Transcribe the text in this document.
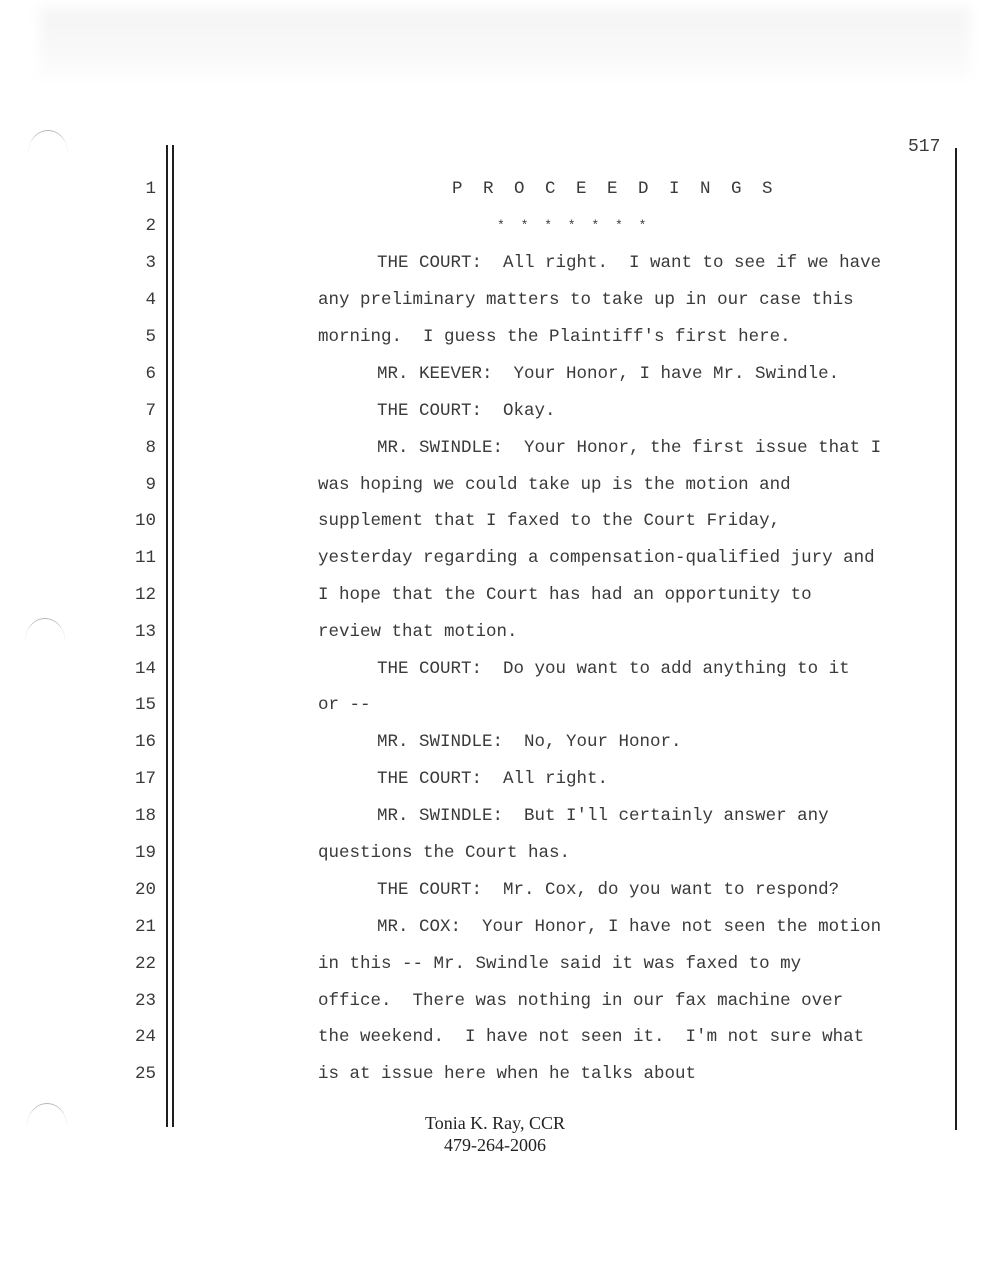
517
1
2
3
4
5
6
7
8
9
10
11
12
13
14
15
16
17
18
19
20
21
22
23
24
25
P R O C E E D I N G S
* * * * * * *
THE COURT:  All right.  I want to see if we have
any preliminary matters to take up in our case this
morning.  I guess the Plaintiff's first here.
MR. KEEVER:  Your Honor, I have Mr. Swindle.
THE COURT:  Okay.
MR. SWINDLE:  Your Honor, the first issue that I
was hoping we could take up is the motion and
supplement that I faxed to the Court Friday,
yesterday regarding a compensation-qualified jury and
I hope that the Court has had an opportunity to
review that motion.
THE COURT:  Do you want to add anything to it
or --
MR. SWINDLE:  No, Your Honor.
THE COURT:  All right.
MR. SWINDLE:  But I'll certainly answer any
questions the Court has.
THE COURT:  Mr. Cox, do you want to respond?
MR. COX:  Your Honor, I have not seen the motion
in this -- Mr. Swindle said it was faxed to my
office.  There was nothing in our fax machine over
the weekend.  I have not seen it.  I'm not sure what
is at issue here when he talks about
Tonia K. Ray, CCR
479-264-2006
